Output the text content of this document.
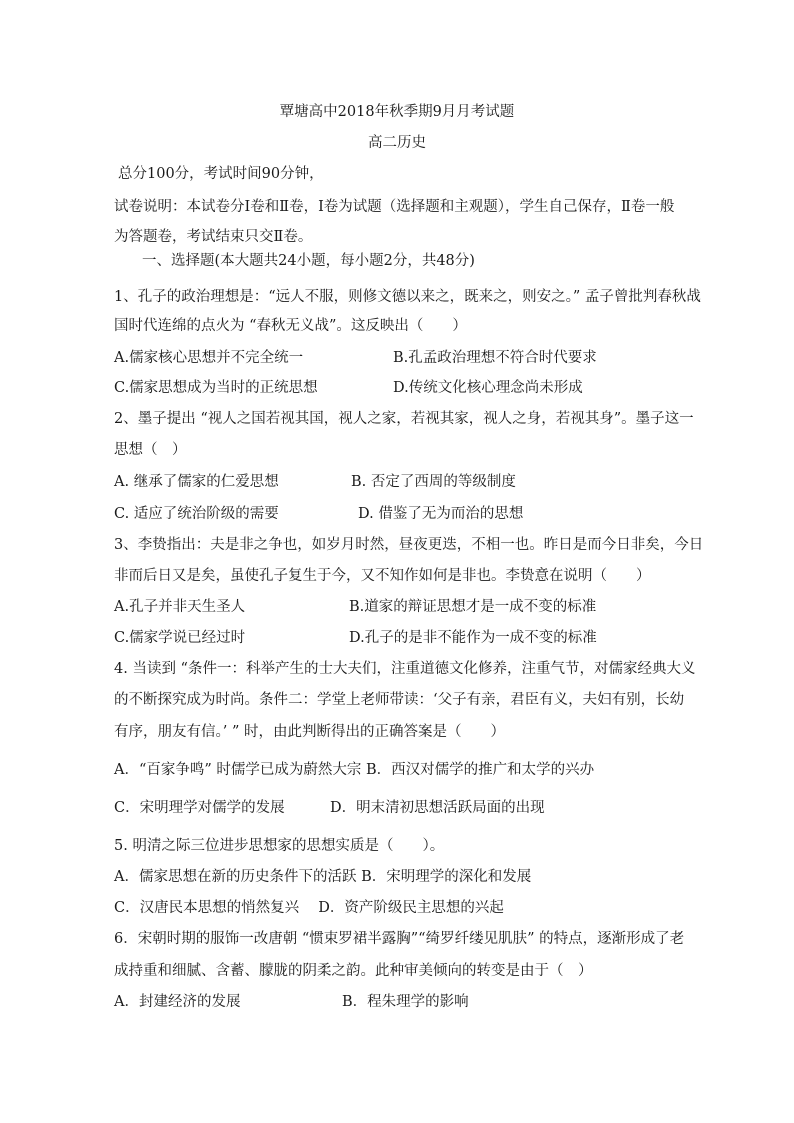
覃塘高中2018年秋季期9月月考试题
高二历史
总分100分，考试时间90分钟，
试卷说明：本试卷分Ⅰ卷和Ⅱ卷，Ⅰ卷为试题（选择题和主观题），学生自己保存，Ⅱ卷一般
为答题卷，考试结束只交Ⅱ卷。
一、选择题(本大题共24小题，每小题2分，共48分)
1、孔子的政治理想是：“远人不服，则修文德以来之，既来之，则安之。” 孟子曾批判春秋战
国时代连绵的点火为 “春秋无义战”。这反映出（　　）
A.儒家核心思想并不完全统一	B.孔孟政治理想不符合时代要求
C.儒家思想成为当时的正统思想	D.传统文化核心理念尚未形成
2、墨子提出 “视人之国若视其国，视人之家，若视其家，视人之身，若视其身”。墨子这一
思想（　）
A. 继承了儒家的仁爱思想	B. 否定了西周的等级制度
C. 适应了统治阶级的需要	D. 借鉴了无为而治的思想
3、李贽指出：夫是非之争也，如岁月时然，昼夜更迭，不相一也。昨日是而今日非矣，今日
非而后日又是矣，虽使孔子复生于今，又不知作如何是非也。李贽意在说明（　　）
A.孔子并非天生圣人	B.道家的辩证思想才是一成不变的标准
C.儒家学说已经过时	D.孔子的是非不能作为一成不变的标准
4. 当读到 “条件一：科举产生的士大夫们，注重道德文化修养，注重气节，对儒家经典大义
的不断探究成为时尚。条件二：学堂上老师带读：‘父子有亲，君臣有义，夫妇有别，长幼
有序，朋友有信。’ ” 时，由此判断得出的正确答案是（　　）
A．“百家争鸣” 时儒学已成为蔚然大宗 B．西汉对儒学的推广和太学的兴办
C．宋明理学对儒学的发展	D．明末清初思想活跃局面的出现
5. 明清之际三位进步思想家的思想实质是（　　）。
A．儒家思想在新的历史条件下的活跃 B．宋明理学的深化和发展
C．汉唐民本思想的悄然复兴　 D．资产阶级民主思想的兴起
6．宋朝时期的服饰一改唐朝 “惯束罗裙半露胸”“绮罗纤缕见肌肤” 的特点，逐渐形成了老
成持重和细腻、含蓄、朦胧的阴柔之韵。此种审美倾向的转变是由于（　）
A．封建经济的发展	B．程朱理学的影响
